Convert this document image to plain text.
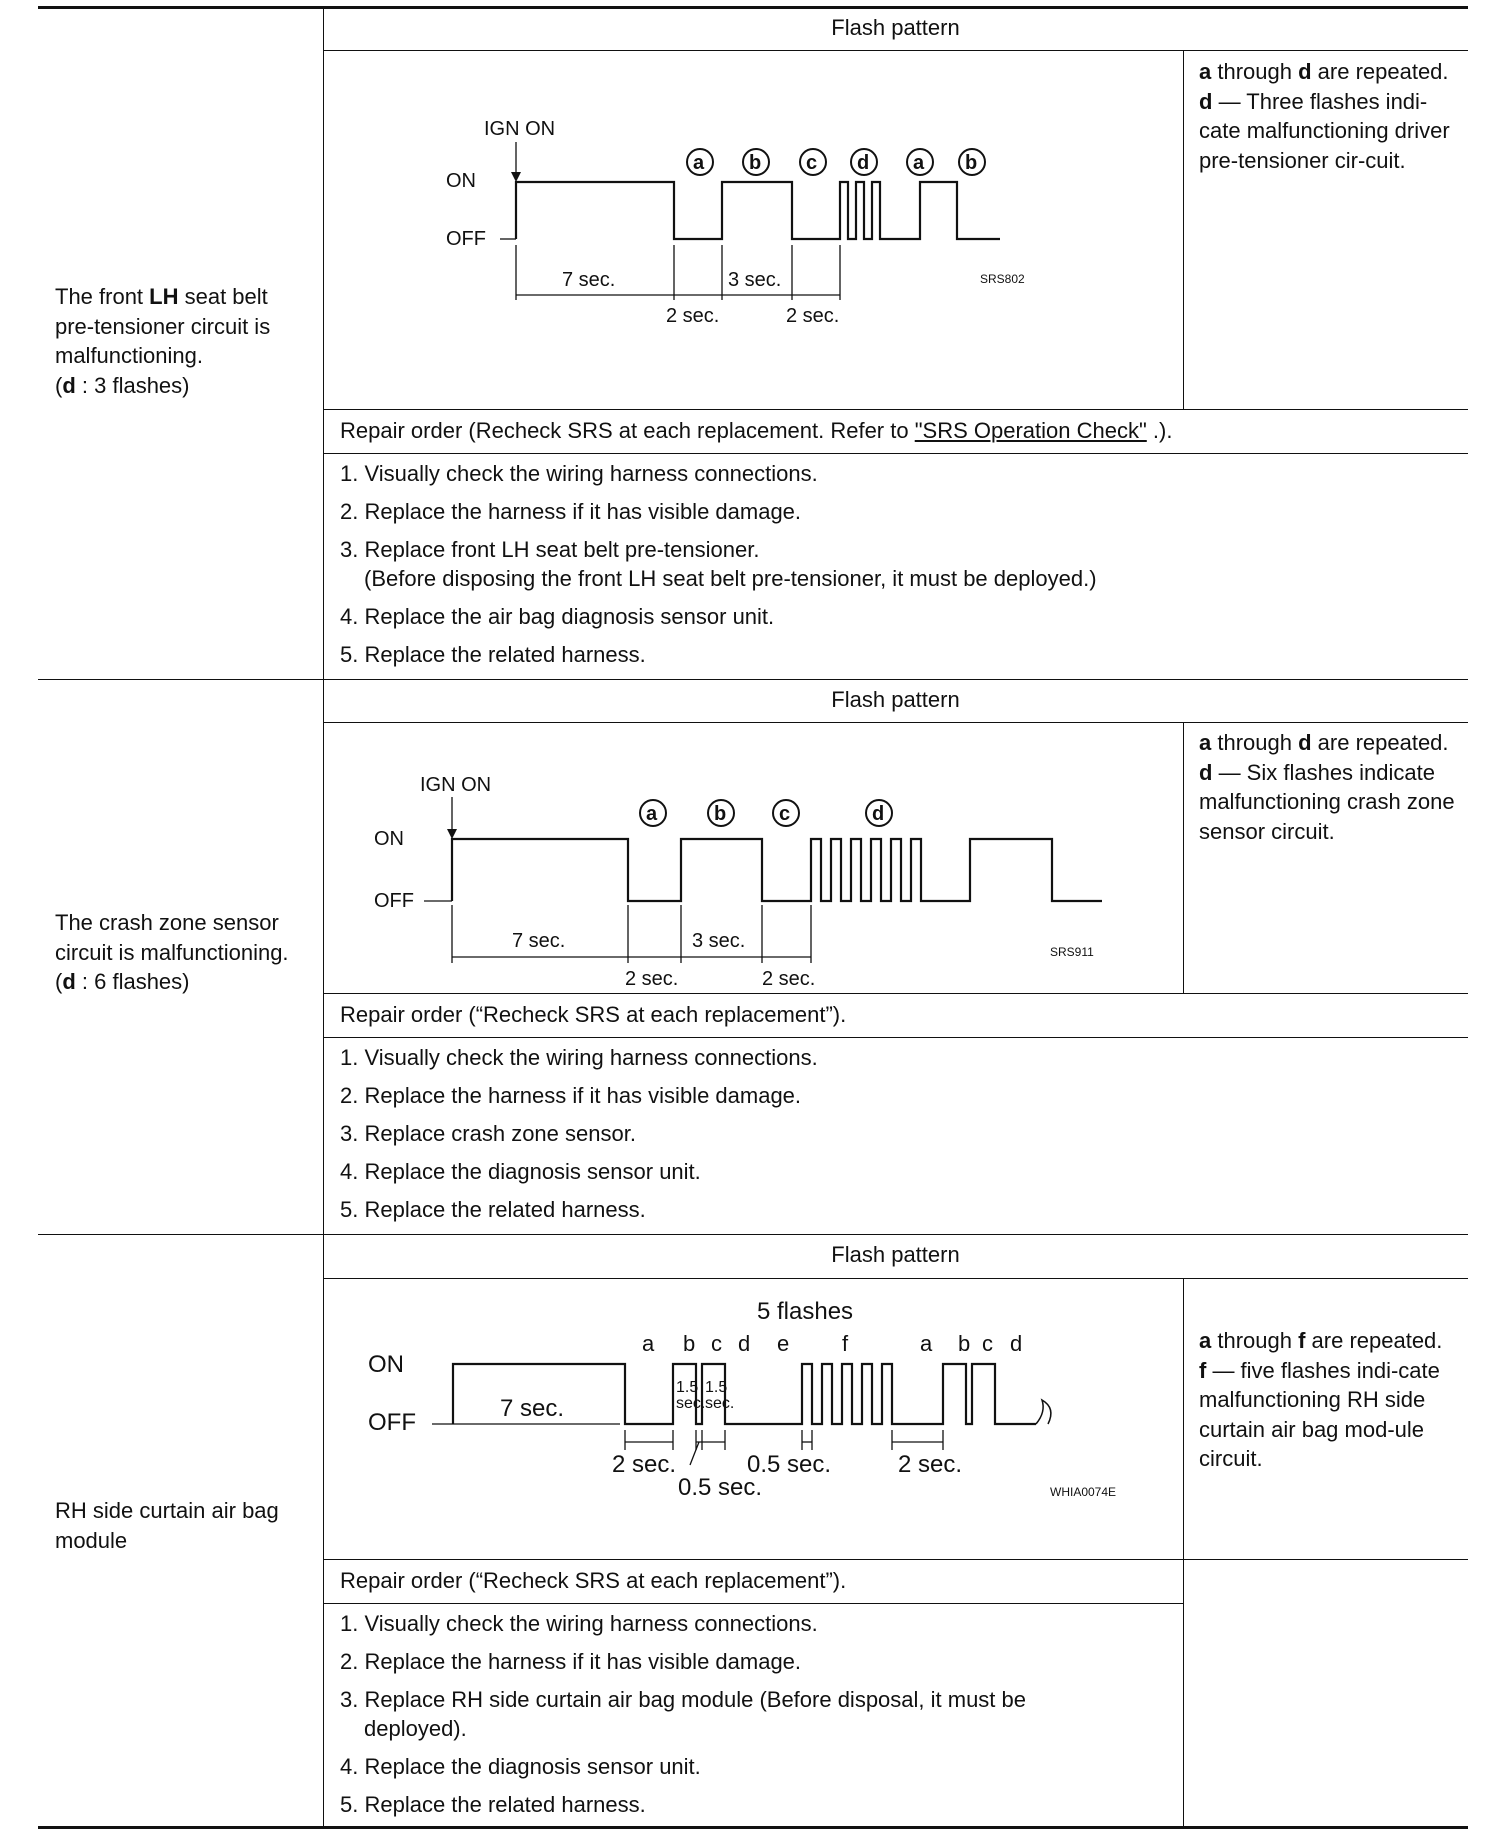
The front LH seat belt
pre-tensioner circuit is
malfunctioning.
(d : 3 flashes)
Flash pattern
a through d are repeated.
d — Three flashes indi-cate malfunctioning driver pre-tensioner cir-cuit.
IGN ON
ON
OFF
a b c d a b
7 sec.	3 sec.
2 sec.	2 sec.
SRS802
Repair order (Recheck SRS at each replacement. Refer to "SRS Operation Check" .).
1. Visually check the wiring harness connections.
2. Replace the harness if it has visible damage.
3. Replace front LH seat belt pre-tensioner.
(Before disposing the front LH seat belt pre-tensioner, it must be deployed.)
4. Replace the air bag diagnosis sensor unit.
5. Replace the related harness.
The crash zone sensor
circuit is malfunctioning.
(d : 6 flashes)
Flash pattern
a through d are repeated.
d — Six flashes indicate malfunctioning crash zone sensor circuit.
IGN ON
ON
OFF
a	b	c	d
7 sec.	3 sec.
2 sec.	2 sec.
SRS911
Repair order (“Recheck SRS at each replacement”).
1. Visually check the wiring harness connections.
2. Replace the harness if it has visible damage.
3. Replace crash zone sensor.
4. Replace the diagnosis sensor unit.
5. Replace the related harness.
RH side curtain air bag
module
Flash pattern
a through f are repeated.
f — five flashes indi-cate malfunctioning RH side curtain air bag mod-ule circuit.
5 flashes
ON
OFF
a b c d e f	a b c d
7 sec.
1.5
sec.
1.5
sec.
2 sec.
0.5 sec.
0.5 sec.	2 sec.
WHIA0074E
Repair order (“Recheck SRS at each replacement”).
1. Visually check the wiring harness connections.
2. Replace the harness if it has visible damage.
3. Replace RH side curtain air bag module (Before disposal, it must be
deployed).
4. Replace the diagnosis sensor unit.
5. Replace the related harness.
